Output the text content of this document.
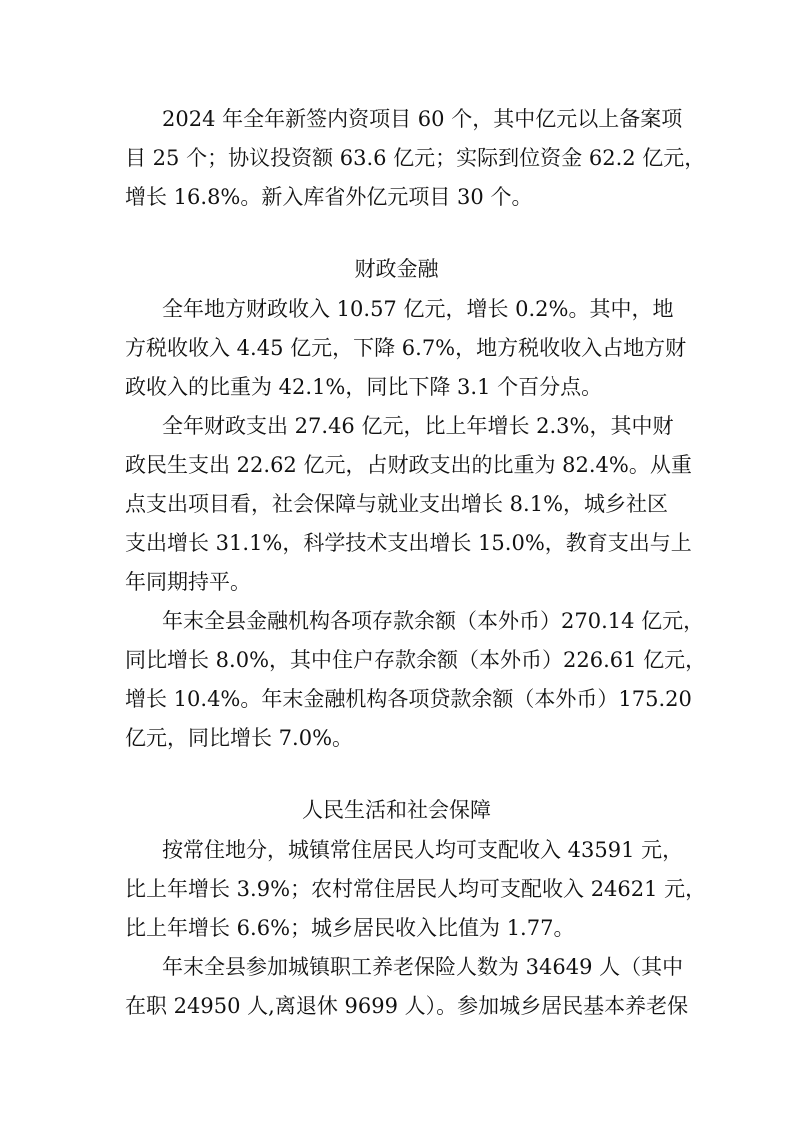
2024 年全年新签内资项目 60 个，其中亿元以上备案项
目 25 个；协议投资额 63.6 亿元；实际到位资金 62.2 亿元，
增长 16.8%。新入库省外亿元项目 30 个。
财政金融
全年地方财政收入 10.57 亿元，增长 0.2%。其中，地
方税收收入 4.45 亿元，下降 6.7%，地方税收收入占地方财
政收入的比重为 42.1%，同比下降 3.1 个百分点。
全年财政支出 27.46 亿元，比上年增长 2.3%，其中财
政民生支出 22.62 亿元，占财政支出的比重为 82.4%。从重
点支出项目看，社会保障与就业支出增长 8.1%，城乡社区
支出增长 31.1%，科学技术支出增长 15.0%，教育支出与上
年同期持平。
年末全县金融机构各项存款余额（本外币）270.14 亿元，
同比增长 8.0%，其中住户存款余额（本外币）226.61 亿元，
增长 10.4%。年末金融机构各项贷款余额（本外币）175.20
亿元，同比增长 7.0%。
人民生活和社会保障
按常住地分，城镇常住居民人均可支配收入 43591 元，
比上年增长 3.9%；农村常住居民人均可支配收入 24621 元，
比上年增长 6.6%；城乡居民收入比值为 1.77。
年末全县参加城镇职工养老保险人数为 34649 人（其中
在职 24950 人,离退休 9699 人）。参加城乡居民基本养老保
